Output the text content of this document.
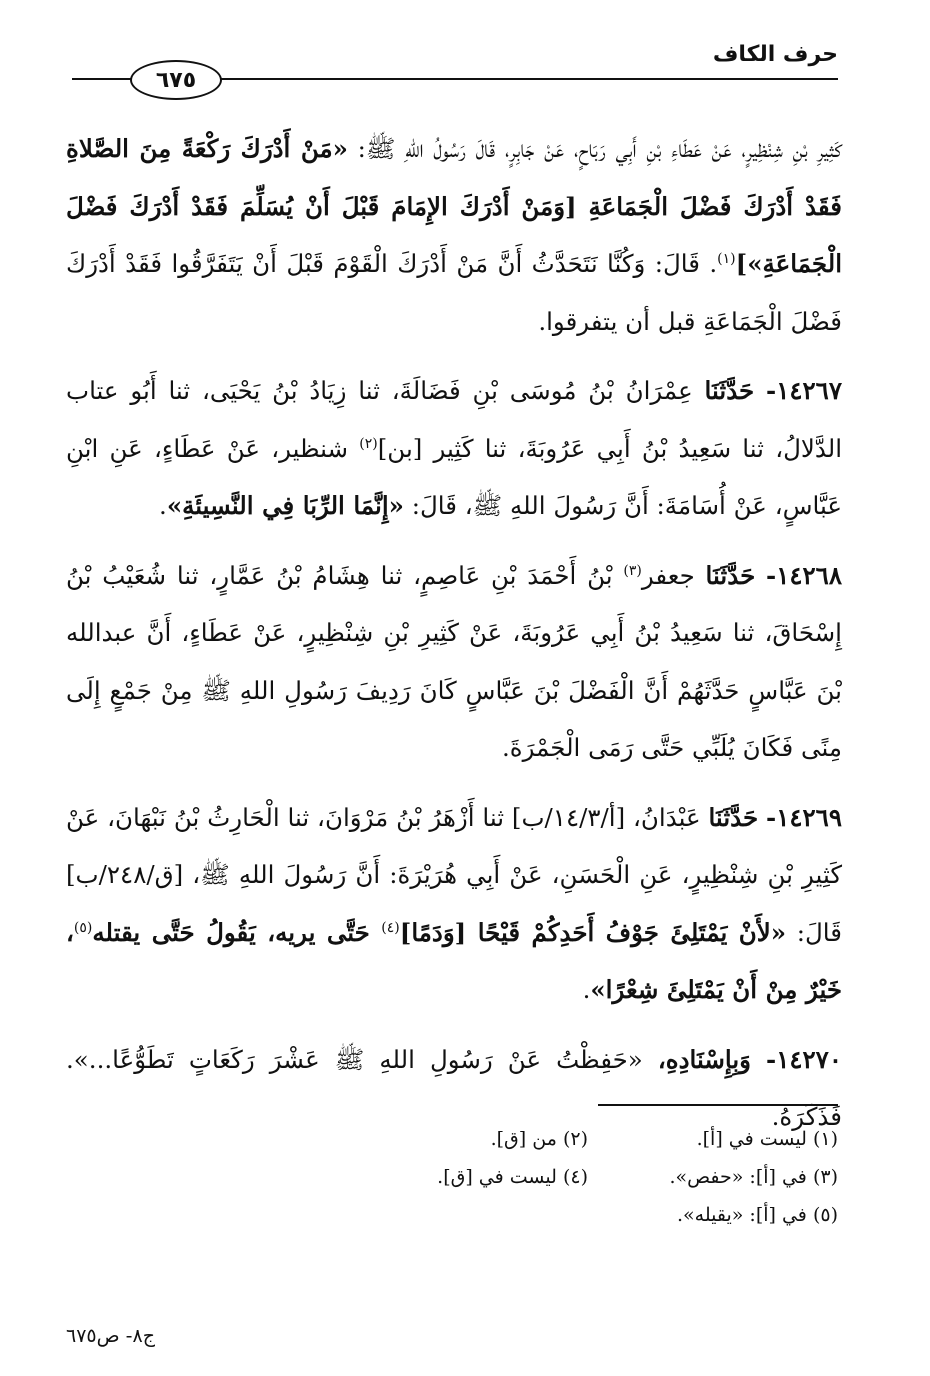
حرف الكاف
٦٧٥

كَثِيرِ بْنِ شِنْظِيرٍ، عَنْ عَطَاءِ بْنِ أَبِي رَبَاحٍ، عَنْ جَابِرٍ، قَالَ رَسُولُ اللهِ ﷺ: «مَنْ أَدْرَكَ رَكْعَةً مِنَ الصَّلاةِ فَقَدْ أَدْرَكَ فَضْلَ الْجَمَاعَةِ [وَمَنْ أَدْرَكَ الإِمَامَ قَبْلَ أَنْ يُسَلِّمَ فَقَدْ أَدْرَكَ فَضْلَ الْجَمَاعَةِ»]$^{(١)}$. قَالَ: وَكُنَّا نَتَحَدَّثُ أَنَّ مَنْ أَدْرَكَ الْقَوْمَ قَبْلَ أَنْ يَتَفَرَّقُوا فَقَدْ أَدْرَكَ فَضْلَ الْجَمَاعَةِ قبل أن يتفرقوا.

١٤٢٦٧- حَدَّثَنَا عِمْرَانُ بْنُ مُوسَى بْنِ فَضَالَةَ، ثنا زِيَادُ بْنُ يَحْيَى، ثنا أَبُو عتاب الدَّلالُ، ثنا سَعِيدُ بْنُ أَبِي عَرُوبَةَ، ثنا كَثِير [بن]$^{(٢)}$ شنظير، عَنْ عَطَاءٍ، عَنِ ابْنِ عَبَّاسٍ، عَنْ أُسَامَةَ: أَنَّ رَسُولَ اللهِ ﷺ، قَالَ: «إِنَّمَا الرِّبَا فِي النَّسِيئَةِ».

١٤٢٦٨- حَدَّثَنَا جعفر$^{(٣)}$ بْنُ أَحْمَدَ بْنِ عَاصِمٍ، ثنا هِشَامُ بْنُ عَمَّارٍ، ثنا شُعَيْبُ بْنُ إِسْحَاقَ، ثنا سَعِيدُ بْنُ أَبِي عَرُوبَةَ، عَنْ كَثِيرِ بْنِ شِنْظِيرٍ، عَنْ عَطَاءٍ، أَنَّ عبدالله بْنَ عَبَّاسٍ حَدَّثَهُمْ أَنَّ الْفَضْلَ بْنَ عَبَّاسٍ كَانَ رَدِيفَ رَسُولِ اللهِ ﷺ مِنْ جَمْعٍ إِلَى مِنًى فَكَانَ يُلَبِّي حَتَّى رَمَى الْجَمْرَةَ.

١٤٢٦٩- حَدَّثَنَا عَبْدَانُ، [أ/١٤/٣/ب] ثنا أَزْهَرُ بْنُ مَرْوَانَ، ثنا الْحَارِثُ بْنُ نَبْهَانَ، عَنْ كَثِيرِ بْنِ شِنْظِيرٍ، عَنِ الْحَسَنِ، عَنْ أَبِي هُرَيْرَةَ: أَنَّ رَسُولَ اللهِ ﷺ، [ق/٢٤٨/ب] قَالَ: «لأَنْ يَمْتَلِئَ جَوْفُ أَحَدِكُمْ قَيْحًا [وَدَمًا]$^{(٤)}$ حَتَّى يريه، يَقُولُ حَتَّى يقتله$^{(٥)}$، خَيْرٌ مِنْ أَنْ يَمْتَلِئَ شِعْرًا».

١٤٢٧٠- وَبِإِسْنَادِهِ، «حَفِظْتُ عَنْ رَسُولِ اللهِ ﷺ عَشْرَ رَكَعَاتٍ تَطَوُّعًا...». فَذَكَرَهُ.

(١) ليست في [أ].
(٢) من [ق].
(٣) في [أ]: «حفص».
(٤) ليست في [ق].
(٥) في [أ]: «يقيله».
ج٨- ص٦٧٥
